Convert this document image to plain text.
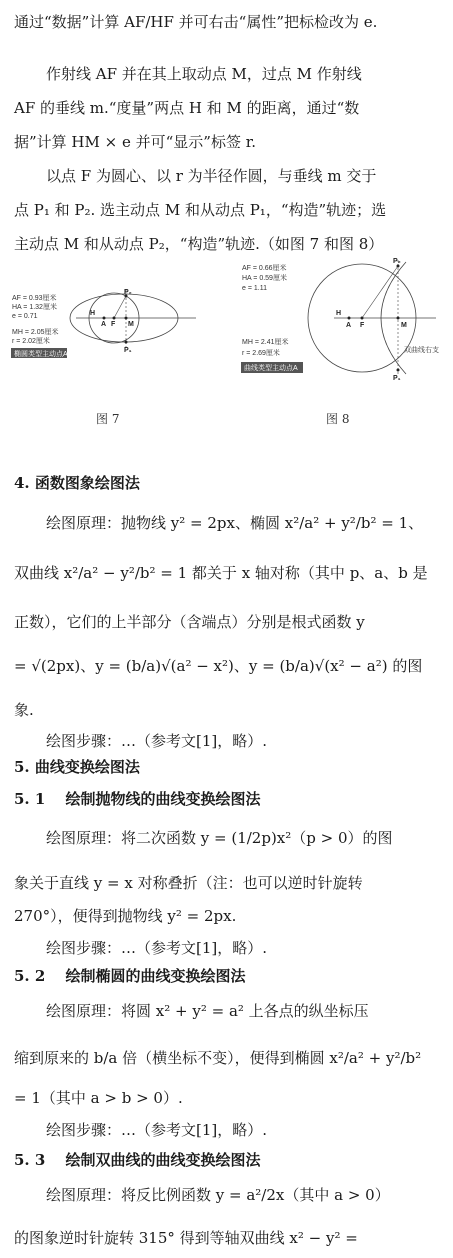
通过“数据”计算 AF/HF 并可右击“属性”把标检改为 e.
作射线 AF 并在其上取动点 M，过点 M 作射线
AF 的垂线 m.“度量”两点 H 和 M 的距离，通过“数
据”计算 HM × e 并可“显示”标签 r.
以点 F 为圆心、以 r 为半径作圆，与垂线 m 交于
点 P₁ 和 P₂. 选主动点 M 和从动点 P₁，“构造”轨迹；选
主动点 M 和从动点 P₂，“构造”轨迹.（如图 7 和图 8）
P₂
P₁
H
A F M
AF = 0.93厘米
HA = 1.32厘米
e = 0.71
MH = 2.05厘米
r = 2.02厘米
椭圆类型主动点A
P₂
P₁
H
A F	M
双曲线右支
AF = 0.66厘米
HA = 0.59厘米
e = 1.11
MH = 2.41厘米
r = 2.69厘米
曲线类型主动点A
图 7	图 8
4. 函数图象绘图法
绘图原理：抛物线 y² = 2px、椭圆 x²/a² + y²/b² = 1、
双曲线 x²/a² − y²/b² = 1 都关于 x 轴对称（其中 p、a、b 是
正数），它们的上半部分（含端点）分别是根式函数 y
= √(2px)、y = (b/a)√(a² − x²)、y = (b/a)√(x² − a²) 的图
象.
绘图步骤：…（参考文[1]，略）.
5. 曲线变换绘图法
5. 1　 绘制抛物线的曲线变换绘图法
绘图原理：将二次函数 y = (1/2p)x²（p > 0）的图
象关于直线 y = x 对称叠折（注：也可以逆时针旋转
270°），便得到抛物线 y² = 2px.
绘图步骤：…（参考文[1]，略）.
5. 2　 绘制椭圆的曲线变换绘图法
绘图原理：将圆 x² + y² = a² 上各点的纵坐标压
缩到原来的 b/a 倍（横坐标不变），便得到椭圆 x²/a² + y²/b²
= 1（其中 a > b > 0）.
绘图步骤：…（参考文[1]，略）.
5. 3　 绘制双曲线的曲线变换绘图法
绘图原理：将反比例函数 y = a²/2x（其中 a > 0）
的图象逆时针旋转 315° 得到等轴双曲线 x² − y² =
